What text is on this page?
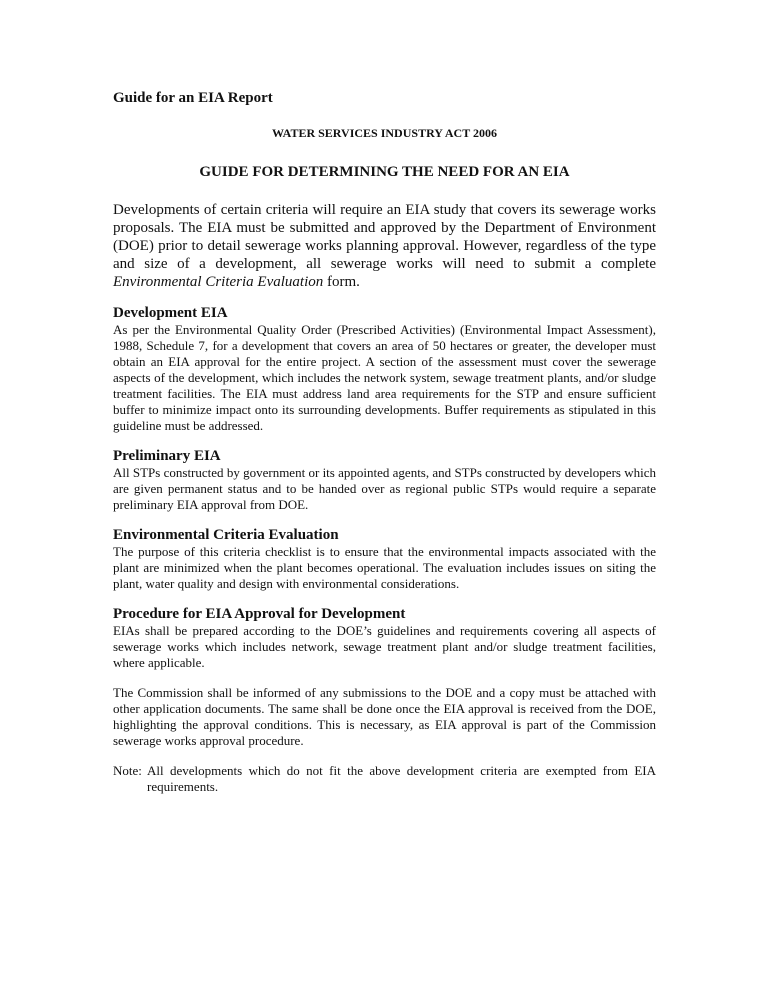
Guide for an EIA Report

WATER SERVICES INDUSTRY ACT 2006

GUIDE FOR DETERMINING THE NEED FOR AN EIA

Developments of certain criteria will require an EIA study that covers its sewerage works proposals. The EIA must be submitted and approved by the Department of Environment (DOE) prior to detail sewerage works planning approval. However, regardless of the type and size of a development, all sewerage works will need to submit a complete Environmental Criteria Evaluation form.

Development EIA

As per the Environmental Quality Order (Prescribed Activities) (Environmental Impact Assessment), 1988, Schedule 7, for a development that covers an area of 50 hectares or greater, the developer must obtain an EIA approval for the entire project. A section of the assessment must cover the sewerage aspects of the development, which includes the network system, sewage treatment plants, and/or sludge treatment facilities. The EIA must address land area requirements for the STP and ensure sufficient buffer to minimize impact onto its surrounding developments. Buffer requirements as stipulated in this guideline must be addressed.

Preliminary EIA

All STPs constructed by government or its appointed agents, and STPs constructed by developers which are given permanent status and to be handed over as regional public STPs would require a separate preliminary EIA approval from DOE.

Environmental Criteria Evaluation

The purpose of this criteria checklist is to ensure that the environmental impacts associated with the plant are minimized when the plant becomes operational. The evaluation includes issues on siting the plant, water quality and design with environmental considerations.

Procedure for EIA Approval for Development

EIAs shall be prepared according to the DOE’s guidelines and requirements covering all aspects of sewerage works which includes network, sewage treatment plant and/or sludge treatment facilities, where applicable.

The Commission shall be informed of any submissions to the DOE and a copy must be attached with other application documents. The same shall be done once the EIA approval is received from the DOE, highlighting the approval conditions. This is necessary, as EIA approval is part of the Commission sewerage works approval procedure.

Note: All developments which do not fit the above development criteria are exempted from EIA requirements.
